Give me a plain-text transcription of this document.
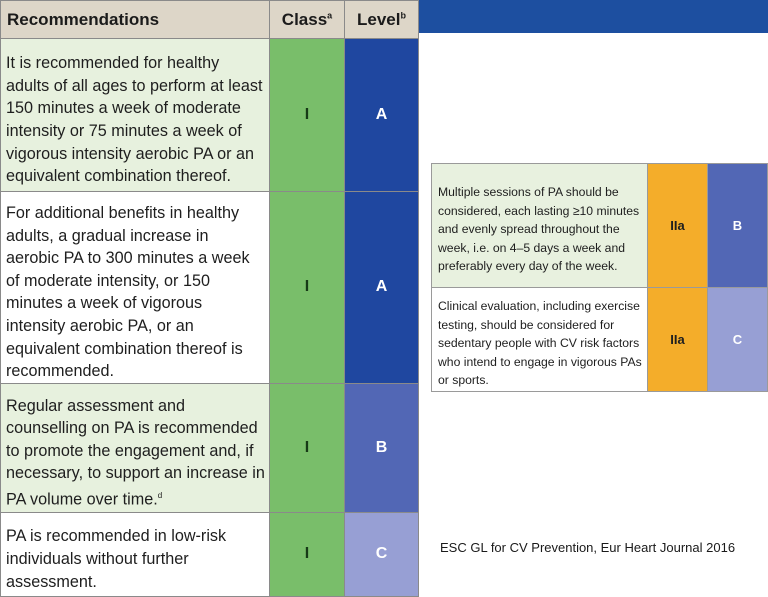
Recommendations	Class$^a$	Level$^b$

It is recommended for healthy adults of all ages to perform at least 150 minutes a week of moderate intensity or 75 minutes a week of vigorous intensity aerobic PA or an equivalent combination thereof.	I	A

For additional benefits in healthy adults, a gradual increase in aerobic PA to 300 minutes a week of moderate intensity, or 150 minutes a week of vigorous intensity aerobic PA, or an equivalent combination thereof is recommended.	I	A

Regular assessment and counselling on PA is recommended to promote the engagement and, if necessary, to support an increase in PA volume over time.$^d$	I	B

PA is recommended in low-risk individuals without further assessment.	I	C
Multiple sessions of PA should be considered, each lasting ≥10 minutes and evenly spread throughout the week, i.e. on 4–5 days a week and preferably every day of the week.	IIa	B

Clinical evaluation, including exercise testing, should be considered for sedentary people with CV risk factors who intend to engage in vigorous PAs or sports.	IIa	C
ESC GL for CV Prevention, Eur Heart Journal 2016
